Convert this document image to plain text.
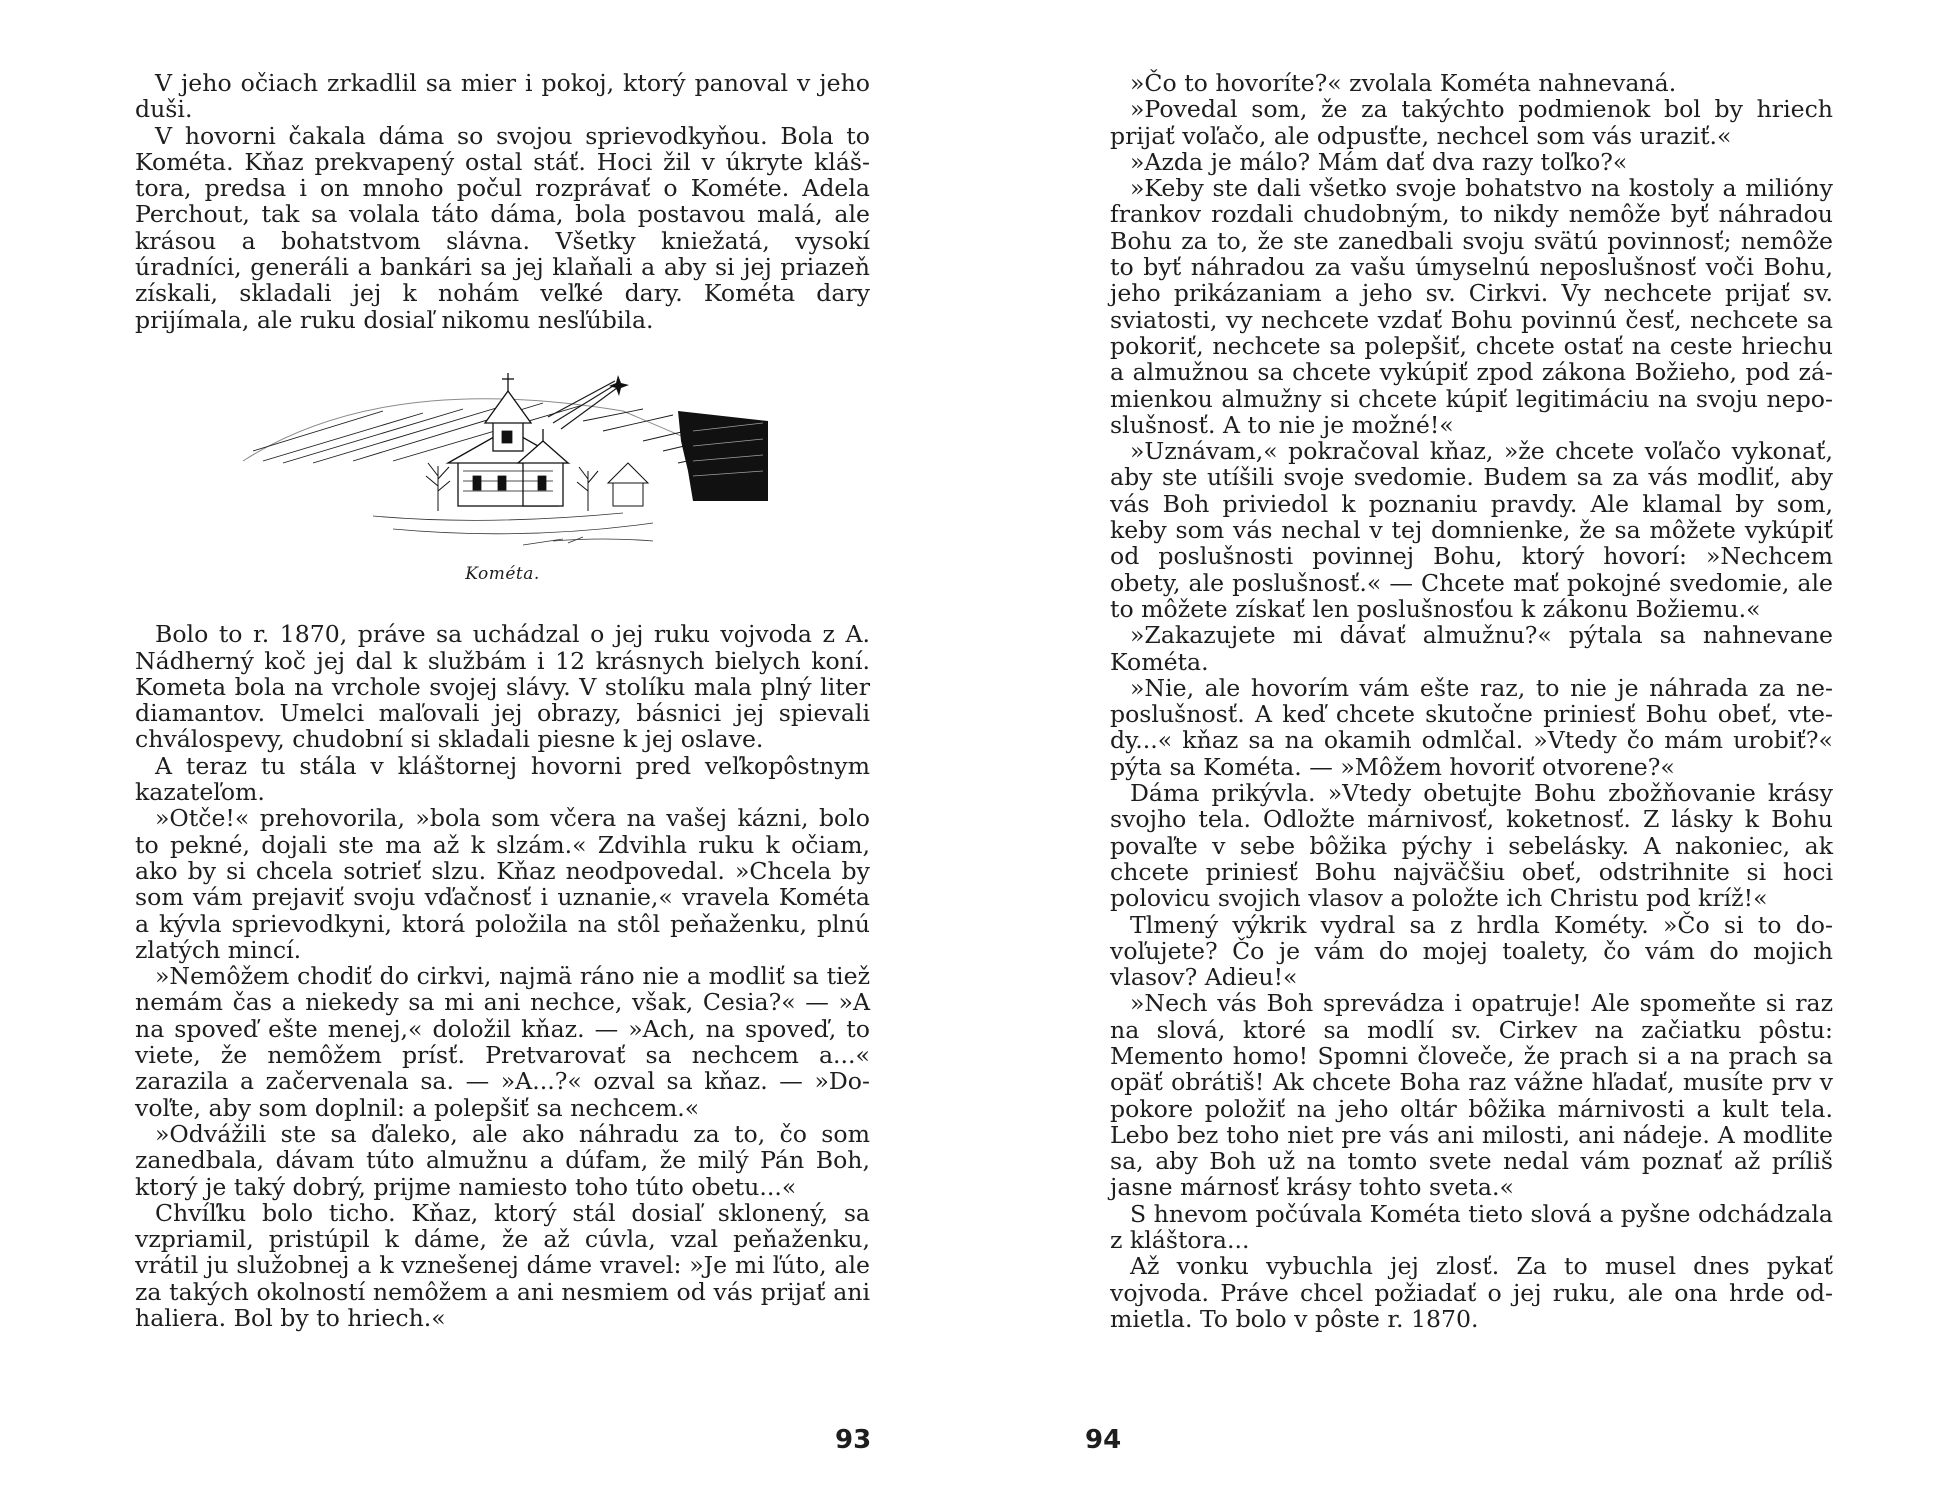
V jeho očiach zrkadlil sa mier i pokoj, ktorý panoval v jeho duši.

V hovorni čakala dáma so svojou sprievodkyňou. Bola to Kométa. Kňaz prekvapený ostal stáť. Hoci žil v úkryte kláštora, predsa i on mnoho počul rozprávať o Kométe. Adela Perchout, tak sa volala táto dáma, bola postavou malá, ale krásou a bohatstvom slávna. Všetky kniežatá, vysokí úradníci, generáli a bankári sa jej klaňali a aby si jej priazeň získali, skladali jej k nohám veľké dary. Kométa dary prijímala, ale ruku dosiaľ nikomu nesľúbila.

Kométa.

Bolo to r. 1870, práve sa uchádzal o jej ruku vojvoda z A. Nádherný koč jej dal k službám i 12 krásnych bielych koní. Kometa bola na vrchole svojej slávy. V stolíku mala plný liter diamantov. Umelci maľovali jej obrazy, básnici jej spievali chválospevy, chudobní si skladali piesne k jej oslave.

A teraz tu stála v kláštornej hovorni pred veľkopôstnym kazateľom.

»Otče!« prehovorila, »bola som včera na vašej kázni, bolo to pekné, dojali ste ma až k slzám.« Zdvihla ruku k očiam, ako by si chcela sotrieť slzu. Kňaz neodpovedal. »Chcela by som vám prejaviť svoju vďačnosť i uznanie,« vravela Kométa a kývla sprievodkyni, ktorá položila na stôl peňaženku, plnú zlatých mincí.

»Nemôžem chodiť do cirkvi, najmä ráno nie a modliť sa tiež nemám čas a niekedy sa mi ani nechce, však, Cesia?« — »A na spoveď ešte menej,« doložil kňaz. — »Ach, na spoveď, to viete, že nemôžem prísť. Pretvarovať sa nechcem a...« zarazila a začervenala sa. — »A...?« ozval sa kňaz. — »Dovoľte, aby som doplnil: a polepšiť sa nechcem.«

»Odvážili ste sa ďaleko, ale ako náhradu za to, čo som zanedbala, dávam túto almužnu a dúfam, že milý Pán Boh, ktorý je taký dobrý, prijme namiesto toho túto obetu...«

Chvíľku bolo ticho. Kňaz, ktorý stál dosiaľ sklonený, sa vzpriamil, pristúpil k dáme, že až cúvla, vzal peňaženku, vrátil ju služobnej a k vznešenej dáme vravel: »Je mi ľúto, ale za takých okolností nemôžem a ani nesmiem od vás prijať ani haliera. Bol by to hriech.«

93

»Čo to hovoríte?« zvolala Kométa nahnevaná.

»Povedal som, že za takýchto podmienok bol by hriech prijať voľačo, ale odpusťte, nechcel som vás uraziť.«

»Azda je málo? Mám dať dva razy toľko?«

»Keby ste dali všetko svoje bohatstvo na kostoly a milióny frankov rozdali chudobným, to nikdy nemôže byť náhradou Bohu za to, že ste zanedbali svoju svätú povinnosť; nemôže to byť náhradou za vašu úmyselnú neposlušnosť voči Bohu, jeho prikázaniam a jeho sv. Cirkvi. Vy nechcete prijať sv. sviatosti, vy nechcete vzdať Bohu povinnú česť, nechcete sa pokoriť, nechcete sa polepšiť, chcete ostať na ceste hriechu a almužnou sa chcete vykúpiť zpod zákona Božieho, pod zámienkou almužny si chcete kúpiť legitimáciu na svoju neposlušnosť. A to nie je možné!«

»Uznávam,« pokračoval kňaz, »že chcete voľačo vykonať, aby ste utíšili svoje svedomie. Budem sa za vás modliť, aby vás Boh priviedol k poznaniu pravdy. Ale klamal by som, keby som vás nechal v tej domnienke, že sa môžete vykúpiť od poslušnosti povinnej Bohu, ktorý hovorí: »Nechcem obety, ale poslušnosť.« — Chcete mať pokojné svedomie, ale to môžete získať len poslušnosťou k zákonu Božiemu.«

»Zakazujete mi dávať almužnu?« pýtala sa nahnevane Kométa.

»Nie, ale hovorím vám ešte raz, to nie je náhrada za neposlušnosť. A keď chcete skutočne priniesť Bohu obeť, vtedy...« kňaz sa na okamih odmlčal. »Vtedy čo mám urobiť?« pýta sa Kométa. — »Môžem hovoriť otvorene?«

Dáma prikývla. »Vtedy obetujte Bohu zbožňovanie krásy svojho tela. Odložte márnivosť, koketnosť. Z lásky k Bohu povaľte v sebe bôžika pýchy i sebelásky. A nakoniec, ak chcete priniesť Bohu najväčšiu obeť, odstrihnite si hoci polovicu svojich vlasov a položte ich Christu pod kríž!«

Tlmený výkrik vydral sa z hrdla Kométy. »Čo si to dovoľujete? Čo je vám do mojej toalety, čo vám do mojich vlasov? Adieu!«

»Nech vás Boh sprevádza i opatruje! Ale spomeňte si raz na slová, ktoré sa modlí sv. Cirkev na začiatku pôstu: Memento homo! Spomni človeče, že prach si a na prach sa opäť obrátiš! Ak chcete Boha raz vážne hľadať, musíte prv v pokore položiť na jeho oltár bôžika márnivosti a kult tela. Lebo bez toho niet pre vás ani milosti, ani nádeje. A modlite sa, aby Boh už na tomto svete nedal vám poznať až príliš jasne márnosť krásy tohto sveta.«

S hnevom počúvala Kométa tieto slová a pyšne odchádzala z kláštora...

Až vonku vybuchla jej zlosť. Za to musel dnes pykať vojvoda. Práve chcel požiadať o jej ruku, ale ona hrde odmietla. To bolo v pôste r. 1870.

94
